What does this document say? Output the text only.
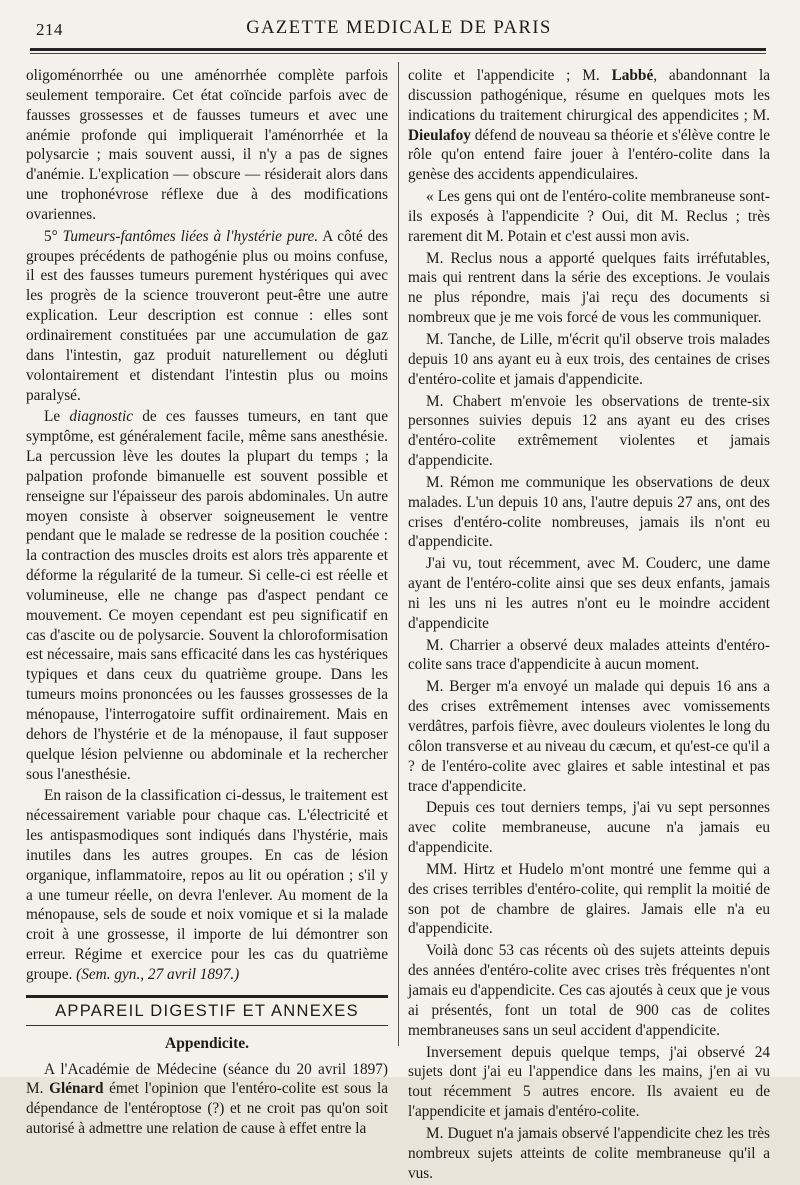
214	GAZETTE MEDICALE DE PARIS

oligoménorrhée ou une aménorrhée complète parfois seulement temporaire. Cet état coïncide parfois avec de fausses grossesses et de fausses tumeurs et avec une anémie profonde qui impliquerait l'aménorrhée et la polysarcie ; mais souvent aussi, il n'y a pas de signes d'anémie. L'explication — obscure — résiderait alors dans une trophonévrose réflexe due à des modifications ovariennes.

5° Tumeurs-fantômes liées à l'hystérie pure. A côté des groupes précédents de pathogénie plus ou moins confuse, il est des fausses tumeurs purement hystériques qui avec les progrès de la science trouveront peut-être une autre explication. Leur description est connue : elles sont ordinairement constituées par une accumulation de gaz dans l'intestin, gaz produit naturellement ou dégluti volontairement et distendant l'intestin plus ou moins paralysé.

Le diagnostic de ces fausses tumeurs, en tant que symptôme, est généralement facile, même sans anesthésie. La percussion lève les doutes la plupart du temps ; la palpation profonde bimanuelle est souvent possible et renseigne sur l'épaisseur des parois abdominales. Un autre moyen consiste à observer soigneusement le ventre pendant que le malade se redresse de la position couchée : la contraction des muscles droits est alors très apparente et déforme la régularité de la tumeur. Si celle-ci est réelle et volumineuse, elle ne change pas d'aspect pendant ce mouvement. Ce moyen cependant est peu significatif en cas d'ascite ou de polysarcie. Souvent la chloroformisation est nécessaire, mais sans efficacité dans les cas hystériques typiques et dans ceux du quatrième groupe. Dans les tumeurs moins prononcées ou les fausses grossesses de la ménopause, l'interrogatoire suffit ordinairement. Mais en dehors de l'hystérie et de la ménopause, il faut supposer quelque lésion pelvienne ou abdominale et la rechercher sous l'anesthésie.

En raison de la classification ci-dessus, le traitement est nécessairement variable pour chaque cas. L'électricité et les antispasmodiques sont indiqués dans l'hystérie, mais inutiles dans les autres groupes. En cas de lésion organique, inflammatoire, repos au lit ou opération ; s'il y a une tumeur réelle, on devra l'enlever. Au moment de la ménopause, sels de soude et noix vomique et si la malade croit à une grossesse, il importe de lui démontrer son erreur. Régime et exercice pour les cas du quatrième groupe. (Sem. gyn., 27 avril 1897.)

APPAREIL DIGESTIF ET ANNEXES
Appendicite.

A l'Académie de Médecine (séance du 20 avril 1897) M. Glénard émet l'opinion que l'entéro-colite est sous la dépendance de l'entéroptose (?) et ne croit pas qu'on soit autorisé à admettre une relation de cause à effet entre la

colite et l'appendicite ; M. Labbé, abandonnant la discussion pathogénique, résume en quelques mots les indications du traitement chirurgical des appendicites ; M. Dieulafoy défend de nouveau sa théorie et s'élève contre le rôle qu'on entend faire jouer à l'entéro-colite dans la genèse des accidents appendiculaires.

« Les gens qui ont de l'entéro-colite membraneuse sont-ils exposés à l'appendicite ? Oui, dit M. Reclus ; très rarement dit M. Potain et c'est aussi mon avis.

M. Reclus nous a apporté quelques faits irréfutables, mais qui rentrent dans la série des exceptions. Je voulais ne plus répondre, mais j'ai reçu des documents si nombreux que je me vois forcé de vous les communiquer.

M. Tanche, de Lille, m'écrit qu'il observe trois malades depuis 10 ans ayant eu à eux trois, des centaines de crises d'entéro-colite et jamais d'appendicite.

M. Chabert m'envoie les observations de trente-six personnes suivies depuis 12 ans ayant eu des crises d'entéro-colite extrêmement violentes et jamais d'appendicite.

M. Rémon me communique les observations de deux malades. L'un depuis 10 ans, l'autre depuis 27 ans, ont des crises d'entéro-colite nombreuses, jamais ils n'ont eu d'appendicite.

J'ai vu, tout récemment, avec M. Couderc, une dame ayant de l'entéro-colite ainsi que ses deux enfants, jamais ni les uns ni les autres n'ont eu le moindre accident d'appendicite

M. Charrier a observé deux malades atteints d'entéro-colite sans trace d'appendicite à aucun moment.

M. Berger m'a envoyé un malade qui depuis 16 ans a des crises extrêmement intenses avec vomissements verdâtres, parfois fièvre, avec douleurs violentes le long du côlon transverse et au niveau du cæcum, et qu'est-ce qu'il a ? de l'entéro-colite avec glaires et sable intestinal et pas trace d'appendicite.

Depuis ces tout derniers temps, j'ai vu sept personnes avec colite membraneuse, aucune n'a jamais eu d'appendicite.

MM. Hirtz et Hudelo m'ont montré une femme qui a des crises terribles d'entéro-colite, qui remplit la moitié de son pot de chambre de glaires. Jamais elle n'a eu d'appendicite.

Voilà donc 53 cas récents où des sujets atteints depuis des années d'entéro-colite avec crises très fréquentes n'ont jamais eu d'appendicite. Ces cas ajoutés à ceux que je vous ai présentés, font un total de 900 cas de colites membraneuses sans un seul accident d'appendicite.

Inversement depuis quelque temps, j'ai observé 24 sujets dont j'ai eu l'appendice dans les mains, j'en ai vu tout récemment 5 autres encore. Ils avaient eu de l'appendicite et jamais d'entéro-colite.

M. Duguet n'a jamais observé l'appendicite chez les très nombreux sujets atteints de colite membraneuse qu'il a vus.
